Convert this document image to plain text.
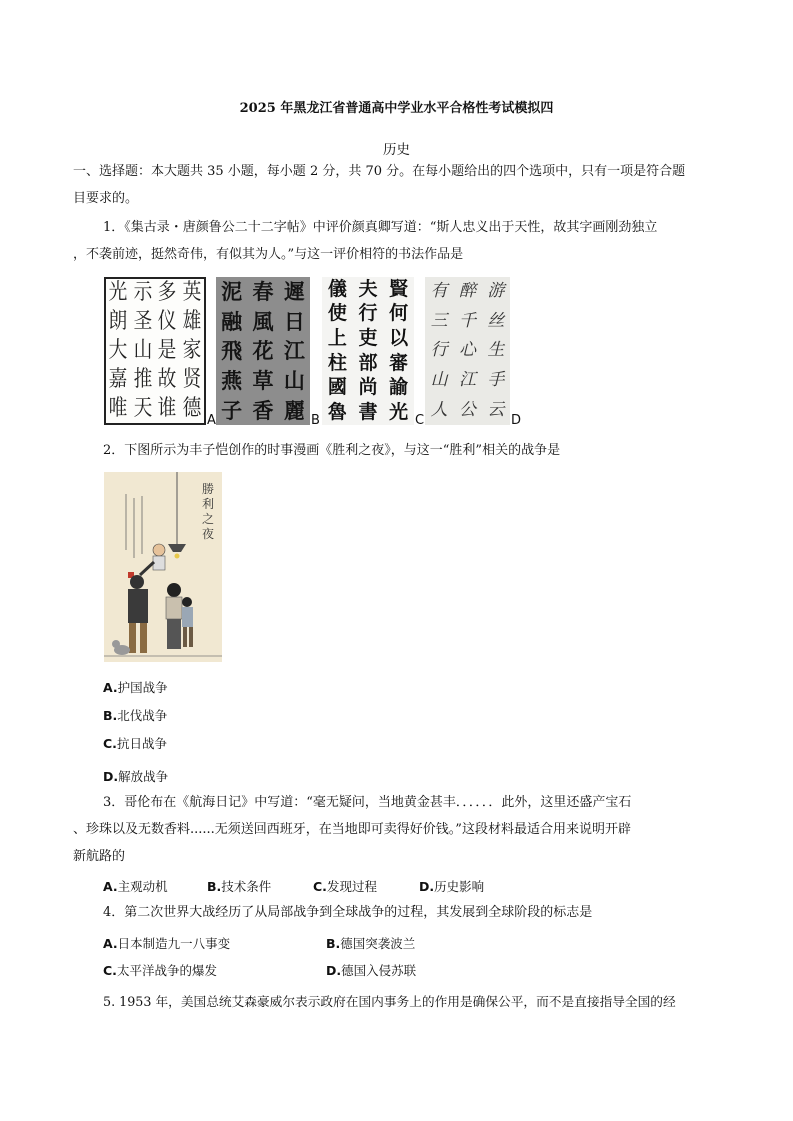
2025 年黑龙江省普通高中学业水平合格性考试模拟四
历史
一、选择题：本大题共 35 小题，每小题 2 分，共 70 分。在每小题给出的四个选项中，只有一项是符合题
目要求的。
1．《集古录・唐颜鲁公二十二字帖》中评价颜真卿写道：“斯人忠义出于天性，故其字画刚劲独立
，不袭前迹，挺然奇伟，有似其为人。”与这一评价相符的书法作品是
英
雄
家
贤
德
多
仪
是
故
谁
示
圣
山
推
天
光
朗
大
嘉
唯	A
遲
日
江
山
麗
春
風
花
草
香
泥
融
飛
燕
子	B
賢
何
以
審
諭
光
夫
行
吏
部
尚
書
儀
使
上
柱
國
魯	C
游
丝
生
手
云
醉
千
心
江
公
有
三
行
山
人
D
2．下图所示为丰子恺创作的时事漫画《胜利之夜》，与这一“胜利”相关的战争是
勝利之夜
A.护国战争
B.北伐战争
C.抗日战争
D.解放战争
3．哥伦布在《航海日记》中写道：“毫无疑问，当地黄金甚丰．．．．．．此外，这里还盛产宝石
、珍珠以及无数香料......无须送回西班牙，在当地即可卖得好价钱。”这段材料最适合用来说明开辟
新航路的
A.主观动机	B.技术条件	C.发现过程	D.历史影响
4．第二次世界大战经历了从局部战争到全球战争的过程，其发展到全球阶段的标志是
A.日本制造九一八事变	B.德国突袭波兰
C.太平洋战争的爆发	D.德国入侵苏联
5. 1953 年，美国总统艾森豪威尔表示政府在国内事务上的作用是确保公平，而不是直接指导全国的经
